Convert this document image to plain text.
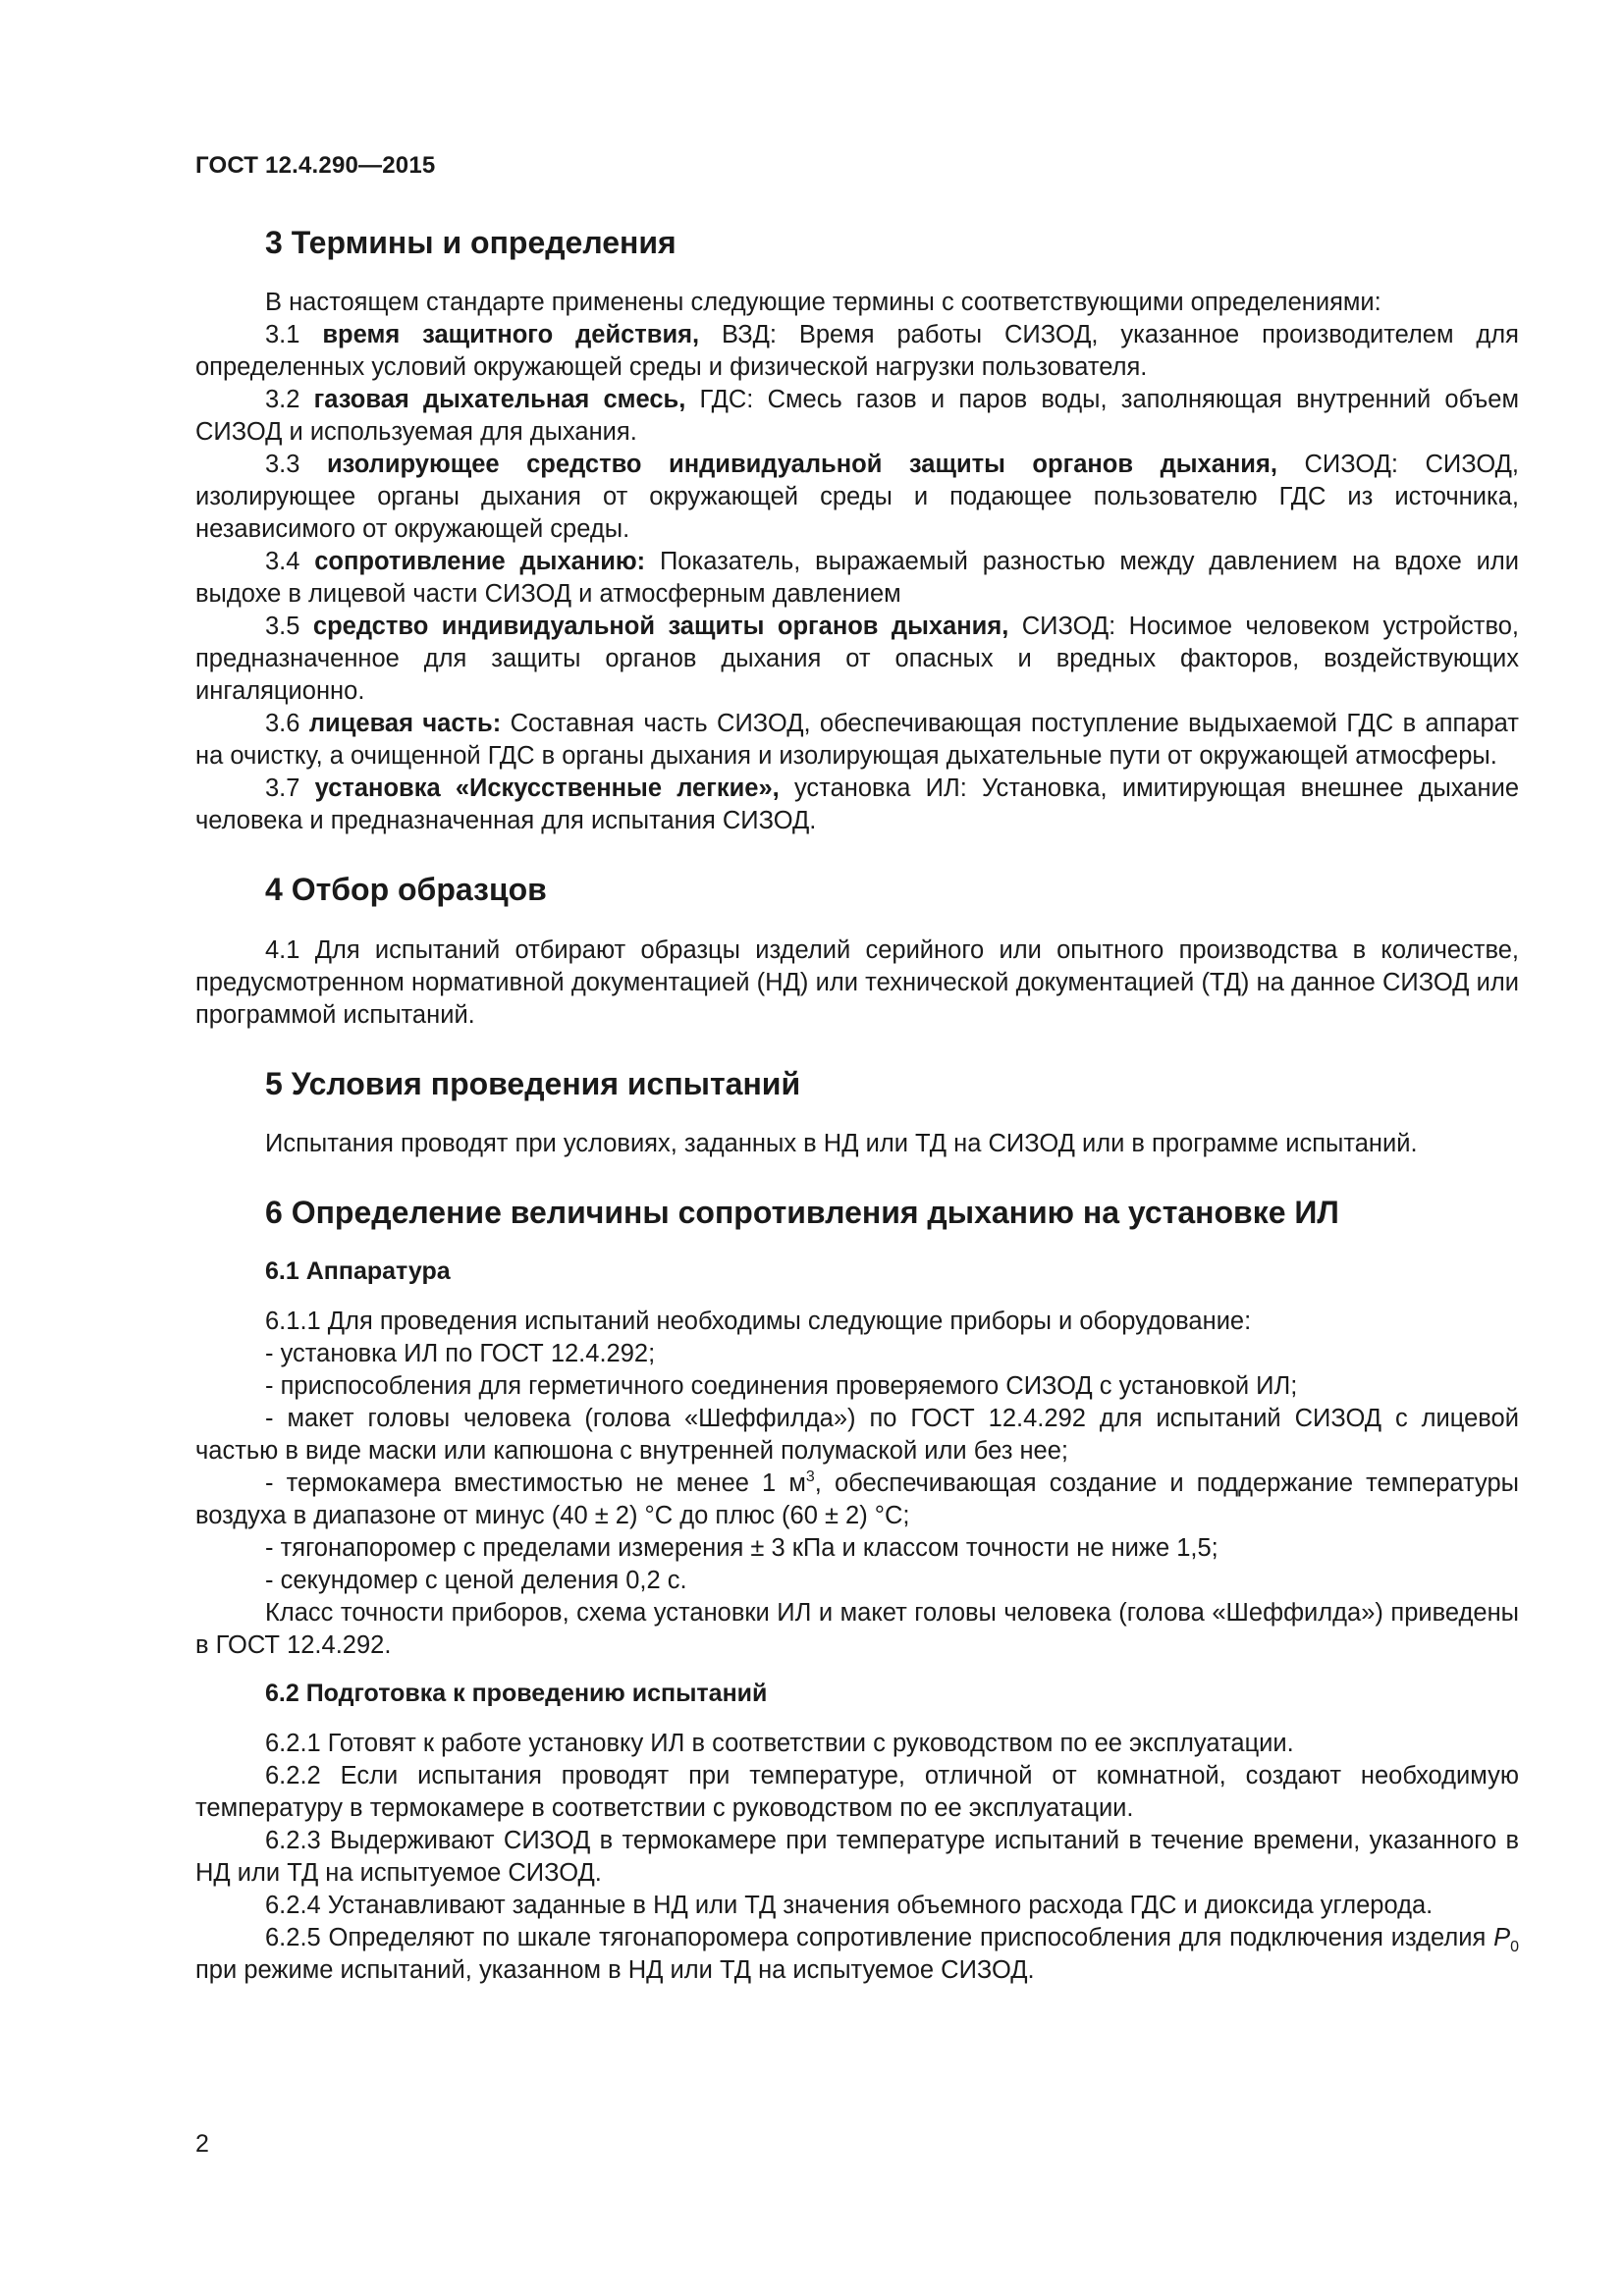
ГОСТ 12.4.290—2015
3 Термины и определения

В настоящем стандарте применены следующие термины с соответствующими определениями:

3.1 время защитного действия, ВЗД: Время работы СИЗОД, указанное производителем для определенных условий окружающей среды и физической нагрузки пользователя.

3.2 газовая дыхательная смесь, ГДС: Смесь газов и паров воды, заполняющая внутренний объем СИЗОД и используемая для дыхания.

3.3 изолирующее средство индивидуальной защиты органов дыхания, СИЗОД: СИЗОД, изолирующее органы дыхания от окружающей среды и подающее пользователю ГДС из источника, независимого от окружающей среды.

3.4 сопротивление дыханию: Показатель, выражаемый разностью между давлением на вдохе или выдохе в лицевой части СИЗОД и атмосферным давлением

3.5 средство индивидуальной защиты органов дыхания, СИЗОД: Носимое человеком устройство, предназначенное для защиты органов дыхания от опасных и вредных факторов, воздействующих ингаляционно.

3.6 лицевая часть: Составная часть СИЗОД, обеспечивающая поступление выдыхаемой ГДС в аппарат на очистку, а очищенной ГДС в органы дыхания и изолирующая дыхательные пути от окружающей атмосферы.

3.7 установка «Искусственные легкие», установка ИЛ: Установка, имитирующая внешнее дыхание человека и предназначенная для испытания СИЗОД.

4 Отбор образцов

4.1 Для испытаний отбирают образцы изделий серийного или опытного производства в количестве, предусмотренном нормативной документацией (НД) или технической документацией (ТД) на данное СИЗОД или программой испытаний.

5 Условия проведения испытаний

Испытания проводят при условиях, заданных в НД или ТД на СИЗОД или в программе испытаний.

6 Определение величины сопротивления дыханию на установке ИЛ
6.1 Аппаратура

6.1.1 Для проведения испытаний необходимы следующие приборы и оборудование:

- установка ИЛ по ГОСТ 12.4.292;

- приспособления для герметичного соединения проверяемого СИЗОД с установкой ИЛ;

- макет головы человека (голова «Шеффилда») по ГОСТ 12.4.292 для испытаний СИЗОД с лицевой частью в виде маски или капюшона с внутренней полумаской или без нее;

- термокамера вместимостью не менее 1 $м^3$, обеспечивающая создание и поддержание температуры воздуха в диапазоне от минус (40 ± 2) °С до плюс (60 ± 2) °С;

- тягонапоромер с пределами измерения ± 3 кПа и классом точности не ниже 1,5;

- секундомер с ценой деления 0,2 с.

Класс точности приборов, схема установки ИЛ и макет головы человека (голова «Шеффилда») приведены в ГОСТ 12.4.292.

6.2 Подготовка к проведению испытаний

6.2.1 Готовят к работе установку ИЛ в соответствии с руководством по ее эксплуатации.

6.2.2 Если испытания проводят при температуре, отличной от комнатной, создают необходимую температуру в термокамере в соответствии с руководством по ее эксплуатации.

6.2.3 Выдерживают СИЗОД в термокамере при температуре испытаний в течение времени, указанного в НД или ТД на испытуемое СИЗОД.

6.2.4 Устанавливают заданные в НД или ТД значения объемного расхода ГДС и диоксида углерода.

6.2.5 Определяют по шкале тягонапоромера сопротивление приспособления для подключения изделия $P_0$ при режиме испытаний, указанном в НД или ТД на испытуемое СИЗОД.

2
